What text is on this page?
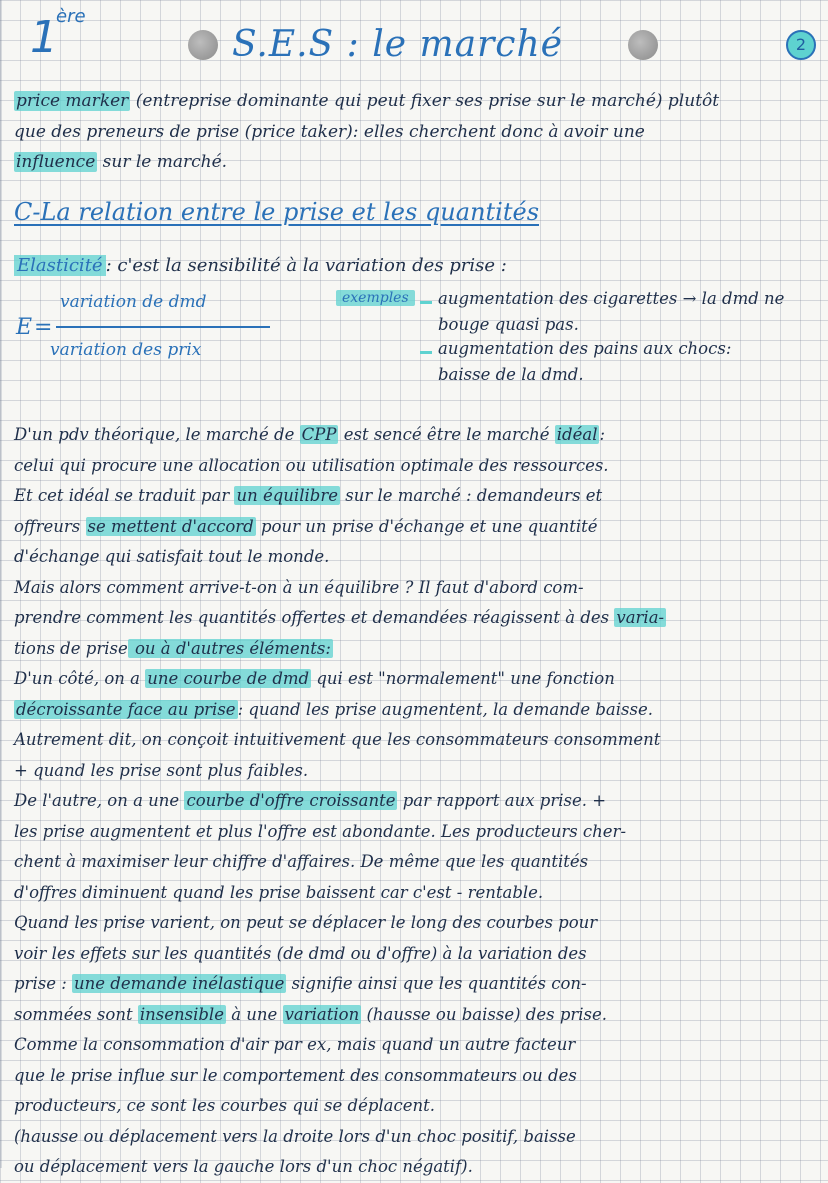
1
ère
S.E.S : le marché	2
price marker (entreprise dominante qui peut fixer ses prise sur le marché) plutôt
que des preneurs de prise (price taker): elles cherchent donc à avoir une
influence sur le marché.
C-La relation entre le prise et les quantités
Elasticité : c'est la sensibilité à la variation des prise :
E =
variation de dmd
variation des prix
exemples	augmentation des cigarettes → la dmd ne
bouge quasi pas.
augmentation des pains aux chocs:
baisse de la dmd.
D'un pdv théorique, le marché de CPP est sencé être le marché idéal :
celui qui procure une allocation ou utilisation optimale des ressources.
Et cet idéal se traduit par un équilibre sur le marché : demandeurs et
offreurs se mettent d'accord pour un prise d'échange et une quantité
d'échange qui satisfait tout le monde.
Mais alors comment arrive-t-on à un équilibre ? Il faut d'abord com-
prendre comment les quantités offertes et demandées réagissent à des varia-
tions de prise ou à d'autres éléments:
D'un côté, on a une courbe de dmd qui est "normalement" une fonction
décroissante face au prise : quand les prise augmentent, la demande baisse.
Autrement dit, on conçoit intuitivement que les consommateurs consomment
+ quand les prise sont plus faibles.
De l'autre, on a une courbe d'offre croissante par rapport aux prise. +
les prise augmentent et plus l'offre est abondante. Les producteurs cher-
chent à maximiser leur chiffre d'affaires. De même que les quantités
d'offres diminuent quand les prise baissent car c'est - rentable.
Quand les prise varient, on peut se déplacer le long des courbes pour
voir les effets sur les quantités (de dmd ou d'offre) à la variation des
prise : une demande inélastique signifie ainsi que les quantités con-
sommées sont insensible à une variation (hausse ou baisse) des prise.
Comme la consommation d'air par ex, mais quand un autre facteur
que le prise influe sur le comportement des consommateurs ou des
producteurs, ce sont les courbes qui se déplacent.
(hausse ou déplacement vers la droite lors d'un choc positif, baisse
ou déplacement vers la gauche lors d'un choc négatif).
